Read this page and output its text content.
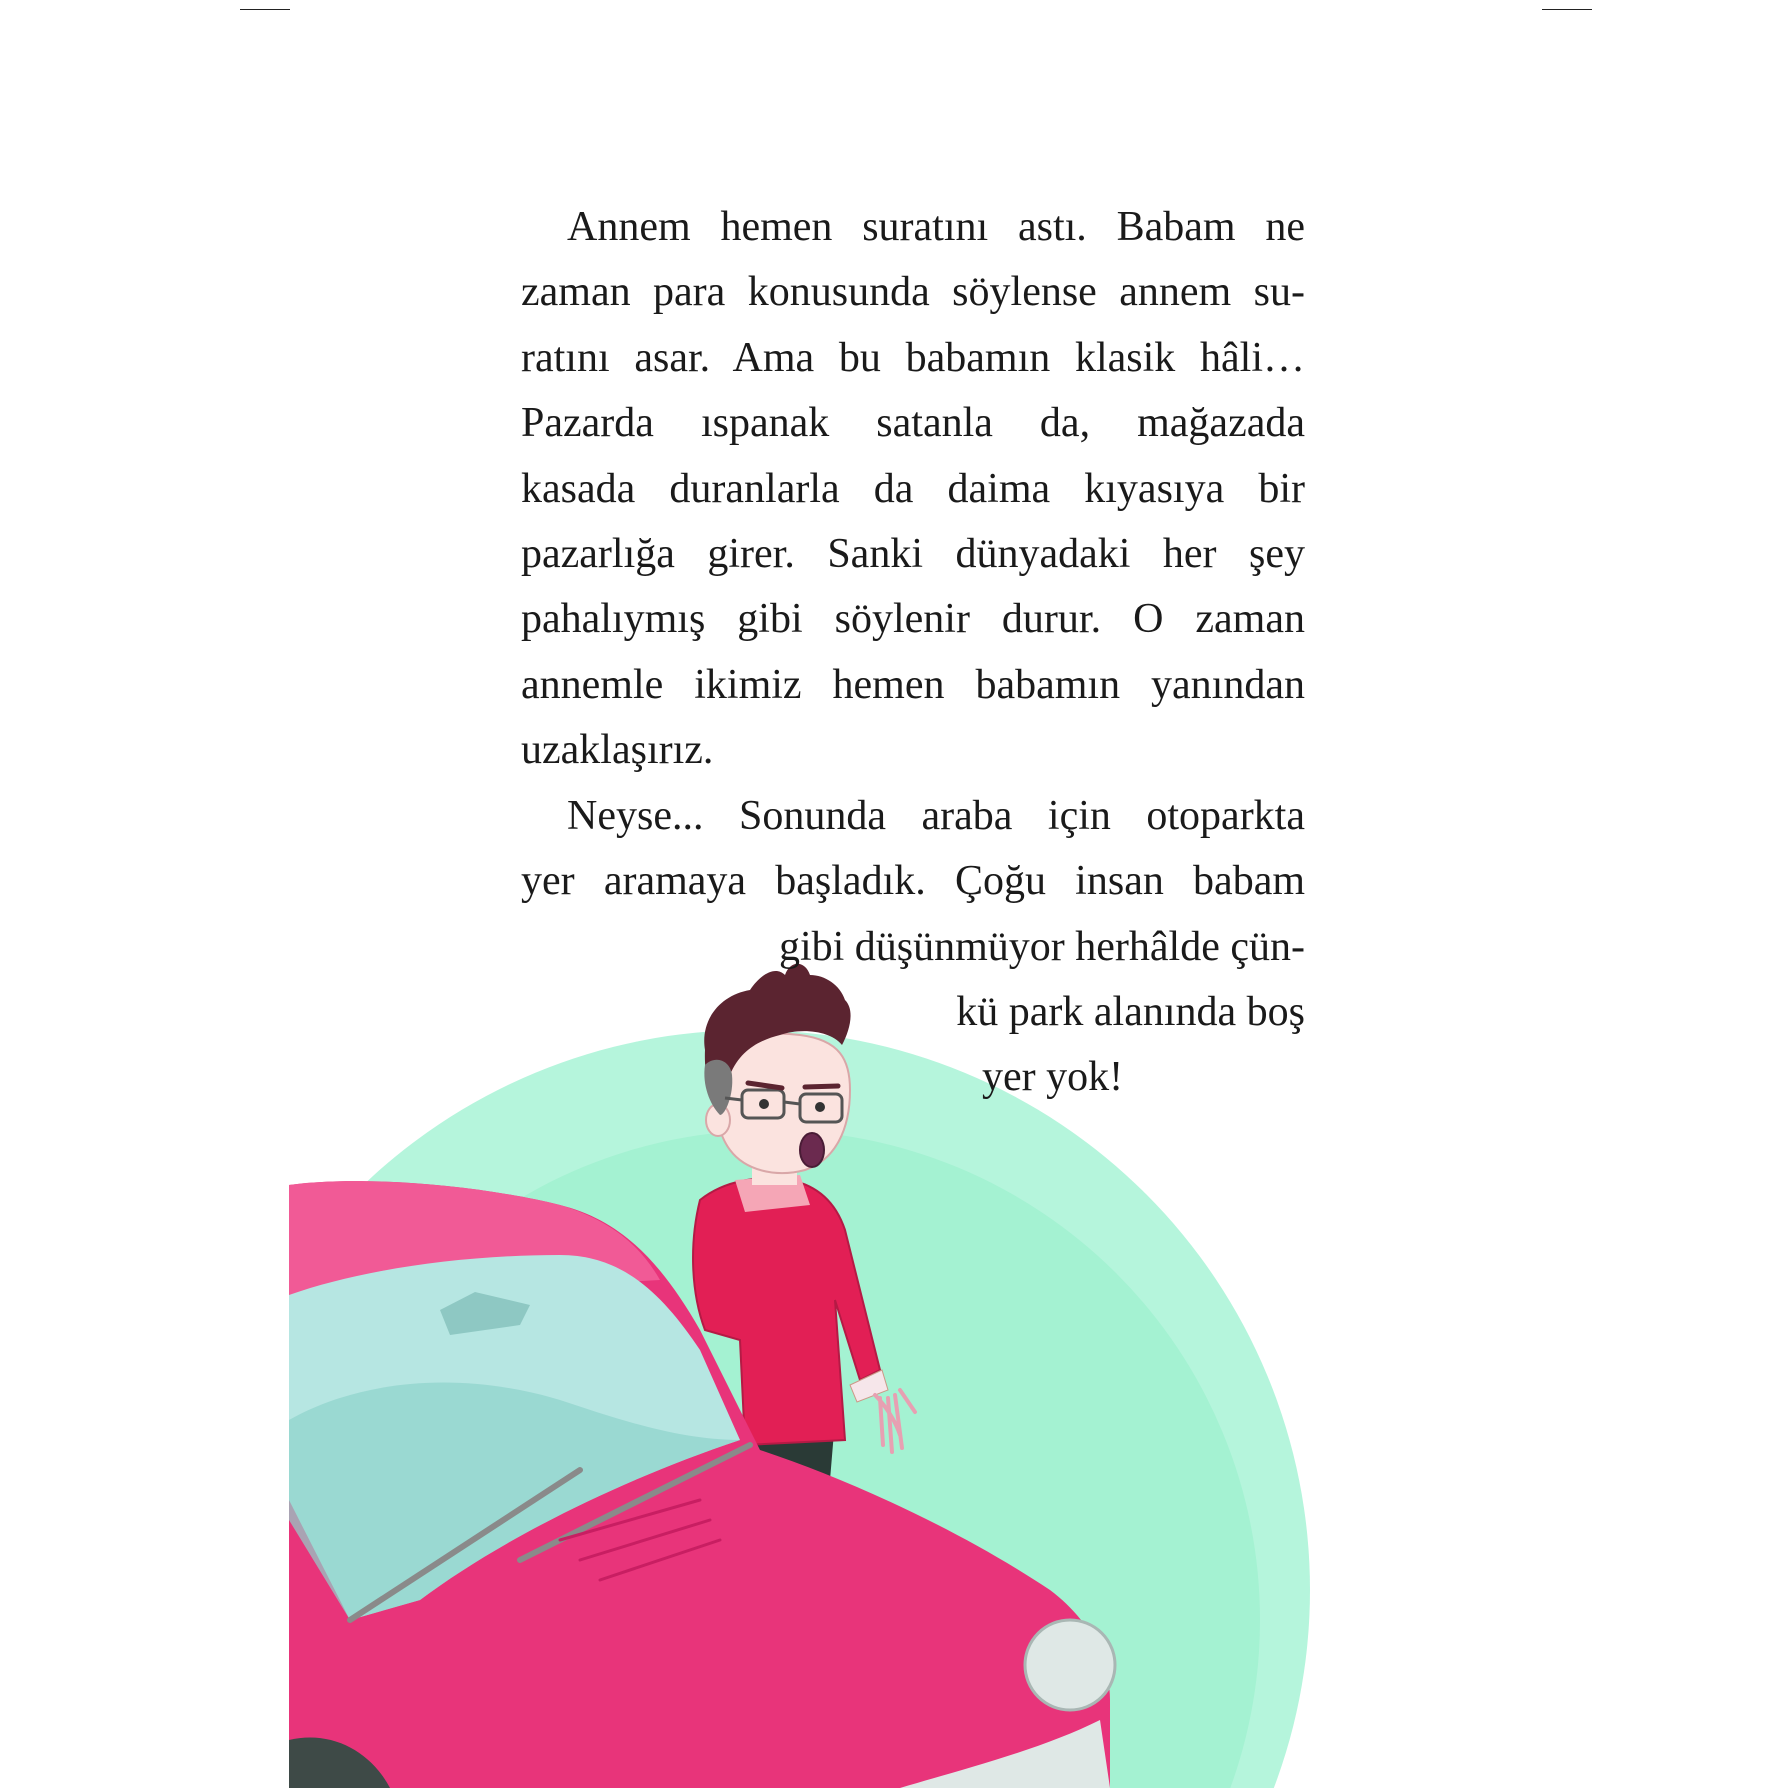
Annem hemen suratını astı. Babam ne
zaman para konusunda söylense annem su-
ratını asar. Ama bu babamın klasik hâli…
Pazarda ıspanak satanla da, mağazada
kasada duranlarla da daima kıyasıya bir
pazarlığa girer. Sanki dünyadaki her şey
pahalıymış gibi söylenir durur. O zaman
annemle ikimiz hemen babamın yanından
uzaklaşırız.
Neyse... Sonunda araba için otoparkta
yer aramaya başladık. Çoğu insan babam
gibi düşünmüyor herhâlde çün-
kü park alanında boş
yer yok!
